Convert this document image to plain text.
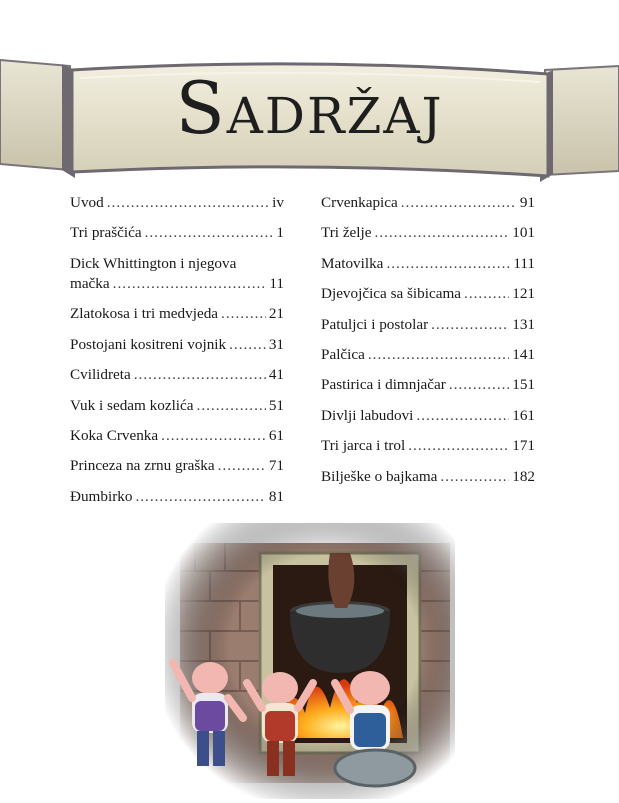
Sadržaj
Uvod .....	iv
Tri praščića .....	1
Dick Whittington i njegova
mačka .....	11
Zlatokosa i tri medvjeda .....	21
Postojani kositreni vojnik .....	31
Cvilidreta .....	41
Vuk i sedam kozlića .....	51
Koka Crvenka .....	61
Princeza na zrnu graška .....	71
Đumbirko .....	81
Crvenkapica .....	91
Tri želje .....	101
Matovilka .....	111
Djevojčica sa šibicama .....	121
Patuljci i postolar .....	131
Palčica .....	141
Pastirica i dimnjačar .....	151
Divlji labudovi .....	161
Tri jarca i trol .....	171
Bilješke o bajkama .....	182
